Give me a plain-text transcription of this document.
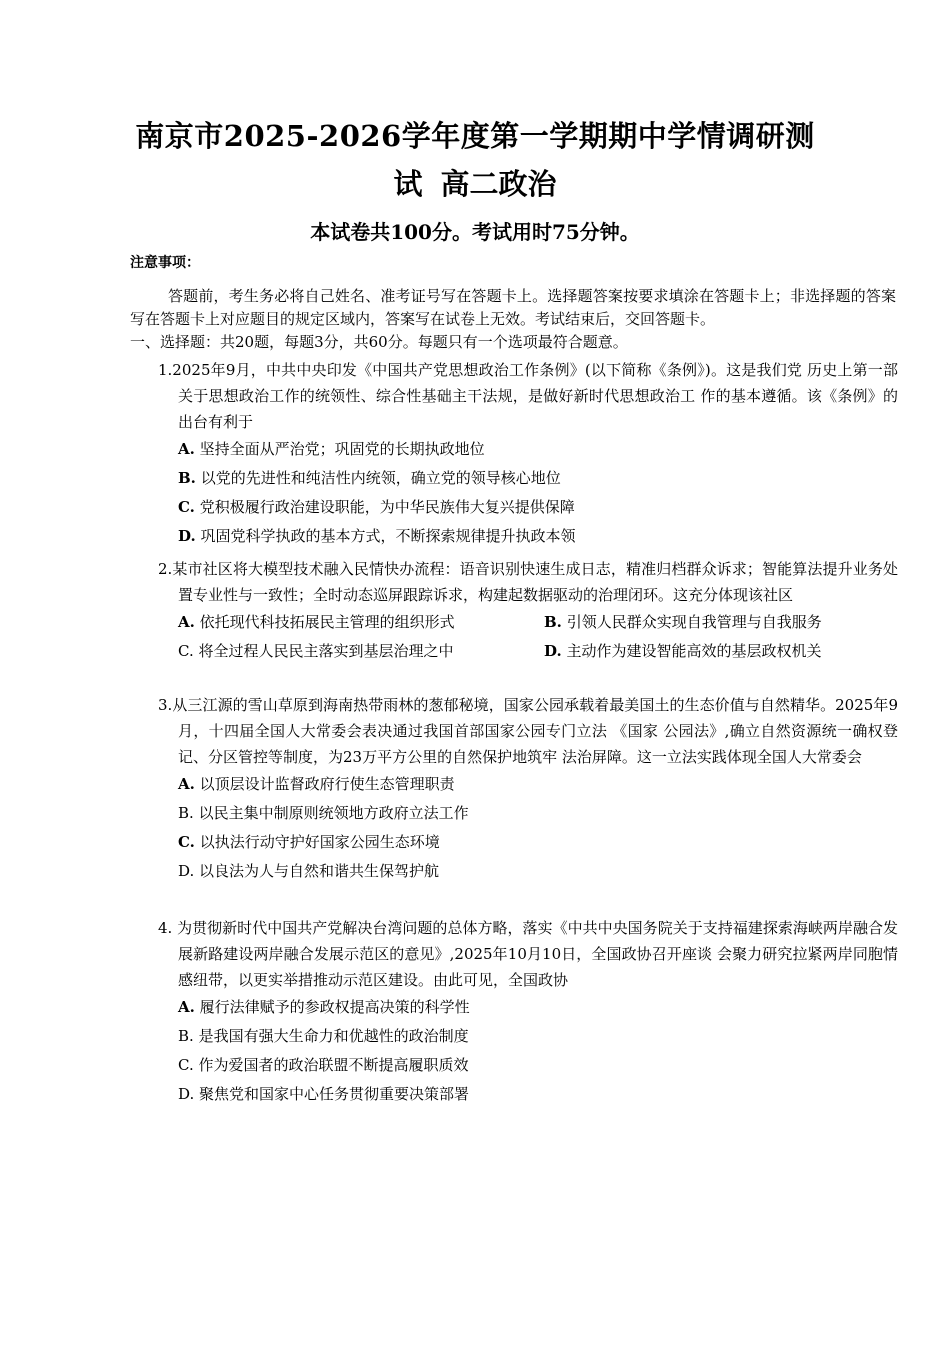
南京市2025-2026学年度第一学期期中学情调研测
试 高二政治
本试卷共100分。考试用时75分钟。
注意事项：
答题前，考生务必将自己姓名、准考证号写在答题卡上。选择题答案按要求填涂在答题卡上；非选择题的答案写在答题卡上对应题目的规定区域内，答案写在试卷上无效。考试结束后，交回答题卡。
一、选择题：共20题，每题3分，共60分。每题只有一个选项最符合题意。
1.2025年9月，中共中央印发《中国共产党思想政治工作条例》(以下简称《条例》)。这是我们党 历史上第一部关于思想政治工作的统领性、综合性基础主干法规，是做好新时代思想政治工 作的基本遵循。该《条例》的出台有利于
A. 坚持全面从严治党；巩固党的长期执政地位
B. 以党的先进性和纯洁性内统领，确立党的领导核心地位
C. 党积极履行政治建设职能，为中华民族伟大复兴提供保障
D. 巩固党科学执政的基本方式，不断探索规律提升执政本领
2.某市社区将大模型技术融入民情快办流程：语音识别快速生成日志，精准归档群众诉求；智能算法提升业务处置专业性与一致性；全时动态巡屏跟踪诉求，构建起数据驱动的治理闭环。这充分体现该社区
A. 依托现代科技拓展民主管理的组织形式	B. 引领人民群众实现自我管理与自我服务
C. 将全过程人民民主落实到基层治理之中	D. 主动作为建设智能高效的基层政权机关
3.从三江源的雪山草原到海南热带雨林的葱郁秘境，国家公园承载着最美国土的生态价值与自然精华。2025年9月，十四届全国人大常委会表决通过我国首部国家公园专门立法 《国家 公园法》,确立自然资源统一确权登记、分区管控等制度，为23万平方公里的自然保护地筑牢 法治屏障。这一立法实践体现全国人大常委会
A. 以顶层设计监督政府行使生态管理职责
B. 以民主集中制原则统领地方政府立法工作
C. 以执法行动守护好国家公园生态环境
D. 以良法为人与自然和谐共生保驾护航
4. 为贯彻新时代中国共产党解决台湾问题的总体方略，落实《中共中央国务院关于支持福建探索海峡两岸融合发展新路建设两岸融合发展示范区的意见》,2025年10月10日，全国政协召开座谈 会聚力研究拉紧两岸同胞情感纽带，以更实举措推动示范区建设。由此可见，全国政协
A. 履行法律赋予的参政权提高决策的科学性
B. 是我国有强大生命力和优越性的政治制度
C. 作为爱国者的政治联盟不断提高履职质效
D. 聚焦党和国家中心任务贯彻重要决策部署
